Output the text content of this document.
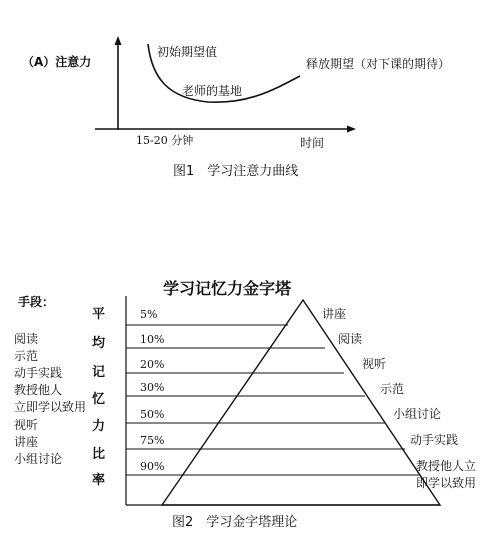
（A）注意力
初始期望值
老师的基地
释放期望（对下课的期待）
15-20 分钟	时间
图1　学习注意力曲线
学习记忆力金字塔
手段：
阅读
示范
动手实践
教授他人
立即学以致用
视听
讲座
小组讨论
平
均
记
忆
力
比
率
5%
10%
20%
30%
50%
75%
90%
讲座
阅读
视听
示范
小组讨论
动手实践
教授他人立
即学以致用
图2　学习金字塔理论
